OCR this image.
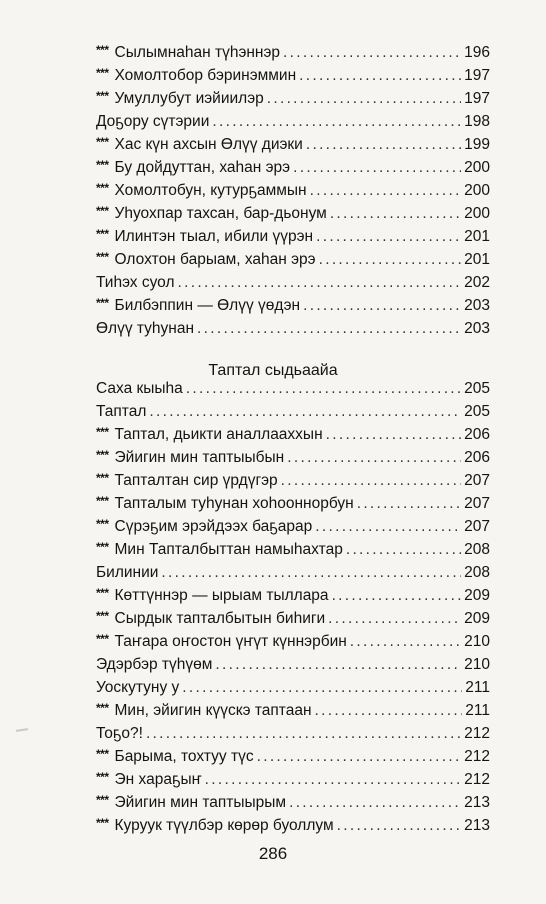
*** Сылымнаһан түһэннэр . . .	196
*** Хомолтобор бэринэммин . . .	197
*** Умуллубут иэйиилэр . . .	197
Доҕору сүтэрии . . .	198
*** Хас күн ахсын Өлүү диэки . . .	199
*** Бу дойдуттан, хаһан эрэ . . .	200
*** Хомолтобун, кутурҕаммын . . .	200
*** Уһуохпар тахсан, бар-дьонум . . .	200
*** Илинтэн тыал, ибили үүрэн . . .	201
*** Олохтон барыам, хаһан эрэ . . .	201
Тиһэх суол . . .	202
*** Билбэппин — Өлүү үөдэн . . .	203
Өлүү туһунан . . .	203
Саха кыыһа . . .	205
Таптал . . .	205
*** Таптал, дьикти аналлааххын . . .	206
*** Эйигин мин таптыыбын . . .	206
*** Тапталтан сир үрдүгэр . . .	207
*** Тапталым туһунан хоһооннорбун . . .	207
*** Сүрэҕим эрэйдээх баҕарар . . .	207
*** Мин Тапталбыттан намыһахтар . . .	208
Билинии . . .	208
*** Көттүннэр — ырыам тыллара . . .	209
*** Сырдык тапталбытын биһиги . . .	209
*** Таҥара оҥостон үҥүт күннэрбин . . .	210
Эдэрбэр түһүөм . . .	210
Уоскутуну у . . .	211
*** Мин, эйигин күүскэ таптаан . . .	211
Тоҕо?! . . .	212
*** Барыма, тохтуу түс . . .	212
*** Эн хараҕыҥ . . .	212
*** Эйигин мин таптыырым . . .	213
*** Куруук түүлбэр көрөр буоллум . . .	213
Таптал сыдьаайа
286
